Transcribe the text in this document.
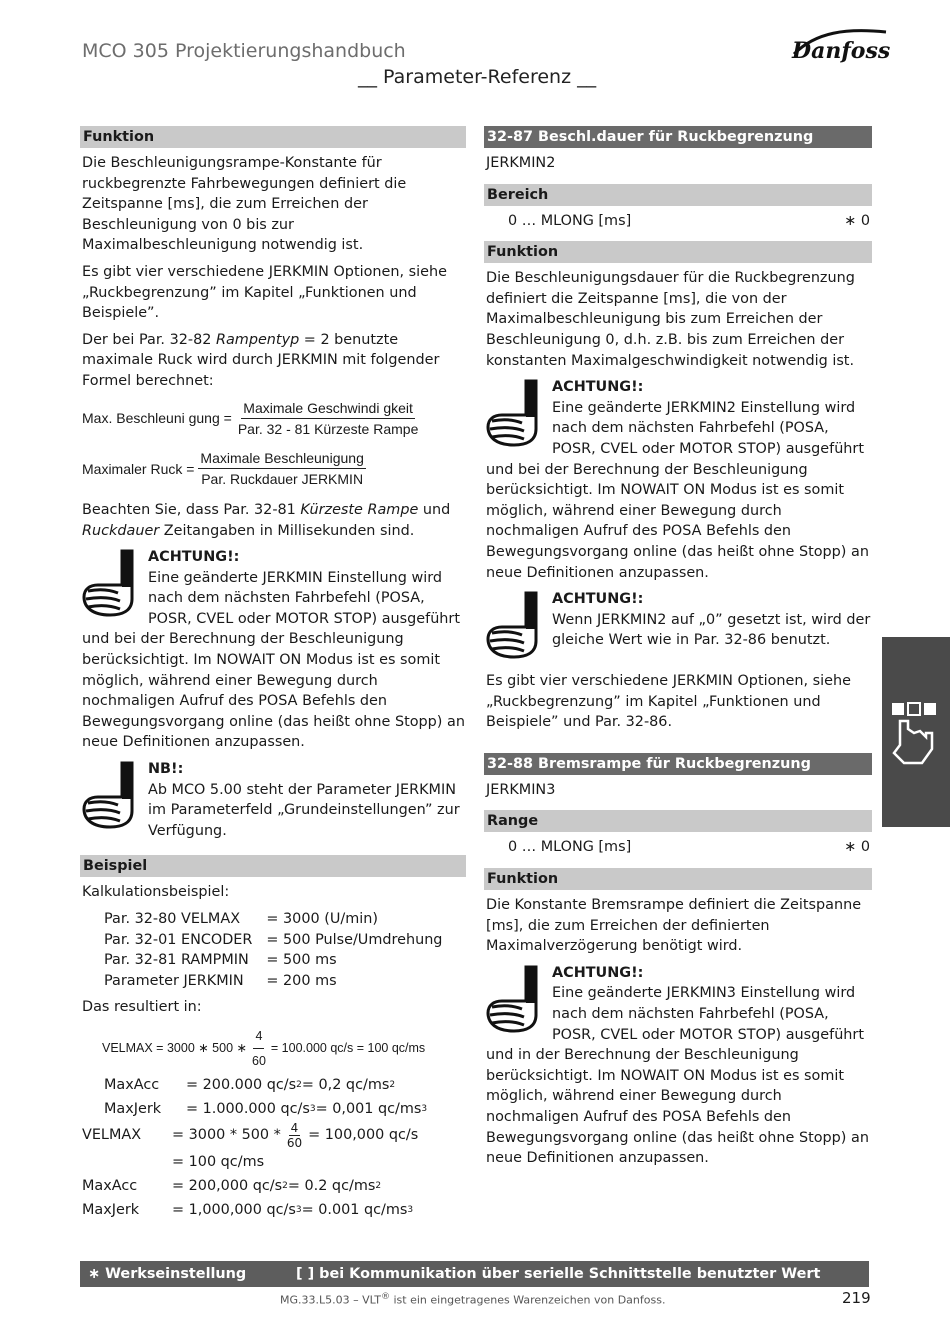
MCO 305 Projektierungshandbuch
__ Parameter-Referenz __
Danfoss
Funktion

Die Beschleunigungsrampe-Konstante für ruckbegrenzte Fahrbewegungen definiert die Zeitspanne [ms], die zum Erreichen der Beschleunigung von 0 bis zur Maximalbeschleunigung notwendig ist.

Es gibt vier verschiedene JERKMIN Optionen, siehe „Ruckbegrenzung” im Kapitel „Funktionen und Beispiele”.

Der bei Par. 32-82 Rampentyp = 2 benutzte maximale Ruck wird durch JERKMIN mit folgender Formel berechnet:

Max. Beschleuni gung = $\frac{\text{Maximale Geschwindi gkeit}}{\text{Par. 32 - 81 Kürzeste Rampe}}$
Maximaler Ruck = $\frac{\text{Maximale Beschleunigung}}{\text{Par. Ruckdauer JERKMIN}}$

Beachten Sie, dass Par. 32-81 Kürzeste Rampe und Ruckdauer Zeitangaben in Millisekunden sind.

ACHTUNG!:
Eine geänderte JERKMIN Einstellung wird nach dem nächsten Fahrbefehl (POSA, POSR, CVEL oder MOTOR STOP) ausgeführt und bei der Berechnung der Beschleunigung berücksichtigt. Im NOWAIT ON Modus ist es somit möglich, während einer Bewegung durch nochmaligen Aufruf des POSA Befehls den Bewegungsvorgang online (das heißt ohne Stopp) an neue Definitionen anzupassen.
NB!:
Ab MCO 5.00 steht der Parameter JERKMIN im Parameterfeld „Grundeinstellungen” zur Verfügung.
Beispiel

Kalkulationsbeispiel:

Par. 32-80 VELMAX	= 3000 (U/min)
Par. 32-01 ENCODER	= 500 Pulse/Umdrehung
Par. 32-81 RAMPMIN	= 500 ms
Parameter JERKMIN	= 200 ms

Das resultiert in:

VELMAX = 3000 ∗ 500 ∗ $\frac{4}{60} = 100.000$ qc/s = 100 qc/ms
MaxAcc	= 200.000 qc/s 2 = 0,2 qc/ms 2
MaxJerk	= 1.000.000 qc/s 3 = 0,001 qc/ms 3
VELMAX	= $3000 * 500 * \frac{4}{60} = 100,000$ qc/s
= 100 qc/ms
MaxAcc	= 200,000 qc/s 2 = 0.2 qc/ms 2
MaxJerk	= 1,000,000 qc/s 3 = 0.001 qc/ms 3
32-87 Beschl.dauer für Ruckbegrenzung

JERKMIN2

Bereich
0 … MLONG [ms]	∗ 0
Funktion

Die Beschleunigungsdauer für die Ruckbegrenzung definiert die Zeitspanne [ms], die von der Maximalbeschleunigung bis zum Erreichen der Beschleunigung 0, d.h. z.B. bis zum Erreichen der konstanten Maximalgeschwindigkeit notwendig ist.

ACHTUNG!:
Eine geänderte JERKMIN2 Einstellung wird nach dem nächsten Fahrbefehl (POSA, POSR, CVEL oder MOTOR STOP) ausgeführt und bei der Berechnung der Beschleunigung berücksichtigt. Im NOWAIT ON Modus ist es somit möglich, während einer Bewegung durch nochmaligen Aufruf des POSA Befehls den Bewegungsvorgang online (das heißt ohne Stopp) an neue Definitionen anzupassen.
ACHTUNG!:
Wenn JERKMIN2 auf „0” gesetzt ist, wird der gleiche Wert wie in Par. 32-86 benutzt.

Es gibt vier verschiedene JERKMIN Optionen, siehe „Ruckbegrenzung” im Kapitel „Funktionen und Beispiele” und Par. 32-86.

32-88 Bremsrampe für Ruckbegrenzung

JERKMIN3

Range
0 … MLONG [ms]	∗ 0
Funktion

Die Konstante Bremsrampe definiert die Zeitspanne [ms], die zum Erreichen der definierten Maximalverzögerung benötigt wird.

ACHTUNG!:
Eine geänderte JERKMIN3 Einstellung wird nach dem nächsten Fahrbefehl (POSA, POSR, CVEL oder MOTOR STOP) ausgeführt und in der Berechnung der Beschleunigung berücksichtigt. Im NOWAIT ON Modus ist es somit möglich, während einer Bewegung durch nochmaligen Aufruf des POSA Befehls den Bewegungsvorgang online (das heißt ohne Stopp) an neue Definitionen anzupassen.
∗ Werkseinstellung	[ ] bei Kommunikation über serielle Schnittstelle benutzter Wert
MG.33.L5.03 – VLT® ist ein eingetragenes Warenzeichen von Danfoss.	219
